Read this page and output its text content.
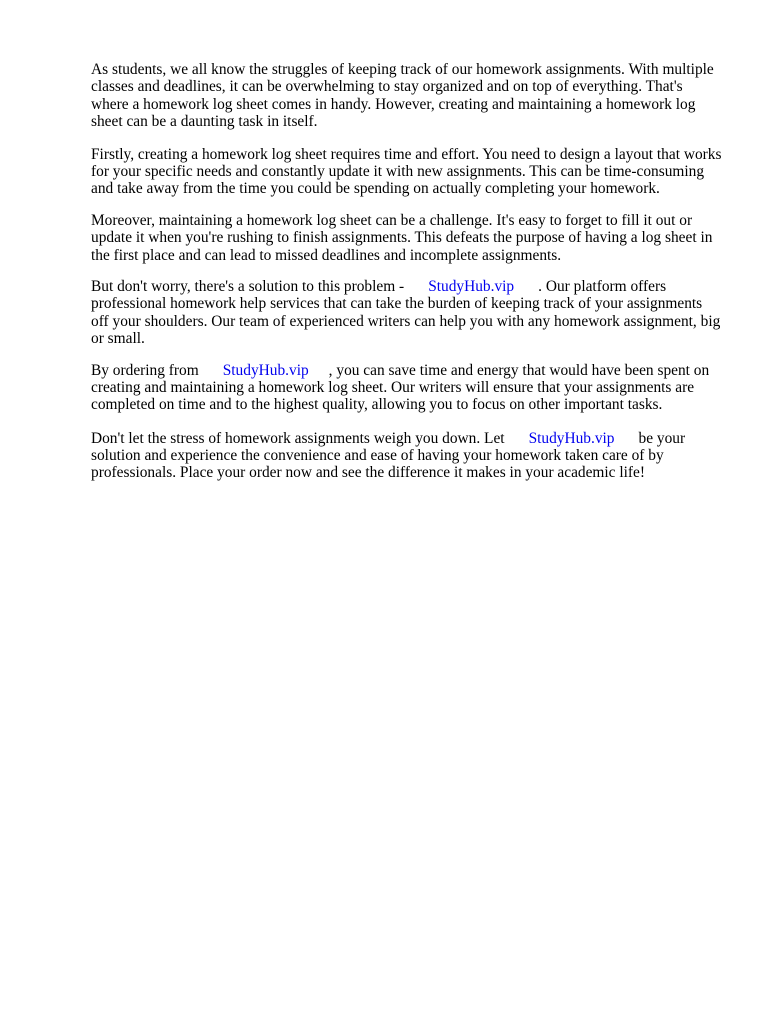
As students, we all know the struggles of keeping track of our homework assignments. With multiple classes and deadlines, it can be overwhelming to stay organized and on top of everything. That's where a homework log sheet comes in handy. However, creating and maintaining a homework log sheet can be a daunting task in itself.

Firstly, creating a homework log sheet requires time and effort. You need to design a layout that works for your specific needs and constantly update it with new assignments. This can be time-consuming and take away from the time you could be spending on actually completing your homework.

Moreover, maintaining a homework log sheet can be a challenge. It's easy to forget to fill it out or update it when you're rushing to finish assignments. This defeats the purpose of having a log sheet in the first place and can lead to missed deadlines and incomplete assignments.

But don't worry, there's a solution to this problem - StudyHub.vip . Our platform offers professional homework help services that can take the burden of keeping track of your assignments off your shoulders. Our team of experienced writers can help you with any homework assignment, big or small.

By ordering from StudyHub.vip , you can save time and energy that would have been spent on creating and maintaining a homework log sheet. Our writers will ensure that your assignments are completed on time and to the highest quality, allowing you to focus on other important tasks.

Don't let the stress of homework assignments weigh you down. Let StudyHub.vip be your solution and experience the convenience and ease of having your homework taken care of by professionals. Place your order now and see the difference it makes in your academic life!
